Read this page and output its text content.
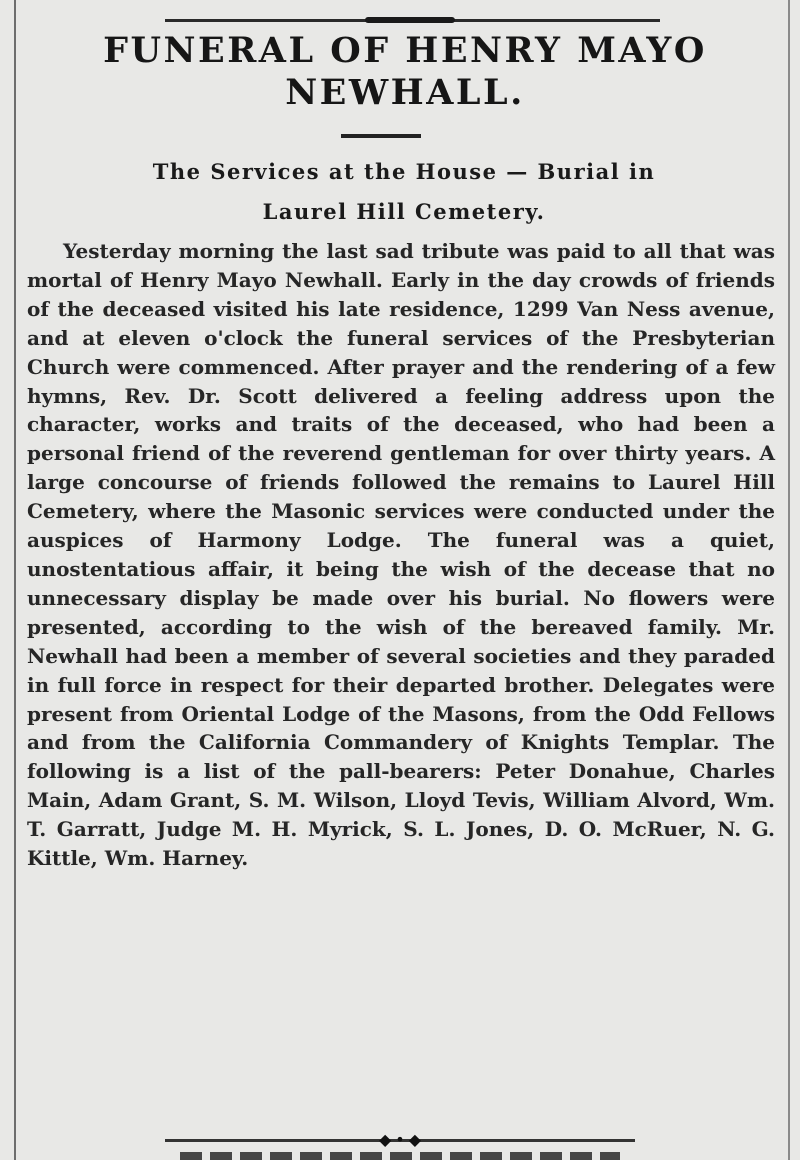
FUNERAL OF HENRY MAYO
NEWHALL.
The Services at the House — Burial in
Laurel Hill Cemetery.

Yesterday morning the last sad tribute was paid to all that was mortal of Henry Mayo Newhall. Early in the day crowds of friends of the deceased visited his late residence, 1299 Van Ness avenue, and at eleven o'clock the funeral services of the Presbyterian Church were commenced. After prayer and the rendering of a few hymns, Rev. Dr. Scott delivered a feeling address upon the character, works and traits of the deceased, who had been a personal friend of the reverend gentleman for over thirty years. A large concourse of friends followed the remains to Laurel Hill Cemetery, where the Masonic services were conducted under the auspices of Harmony Lodge. The funeral was a quiet, unostentatious affair, it being the wish of the decease that no unnecessary display be made over his burial. No flowers were presented, according to the wish of the bereaved family. Mr. Newhall had been a member of several societies and they paraded in full force in respect for their departed brother. Delegates were present from Oriental Lodge of the Masons, from the Odd Fellows and from the California Commandery of Knights Templar. The following is a list of the pall-bearers: Peter Donahue, Charles Main, Adam Grant, S. M. Wilson, Lloyd Tevis, William Alvord, Wm. T. Garratt, Judge M. H. Myrick, S. L. Jones, D. O. McRuer, N. G. Kittle, Wm. Harney.

◆•◆
